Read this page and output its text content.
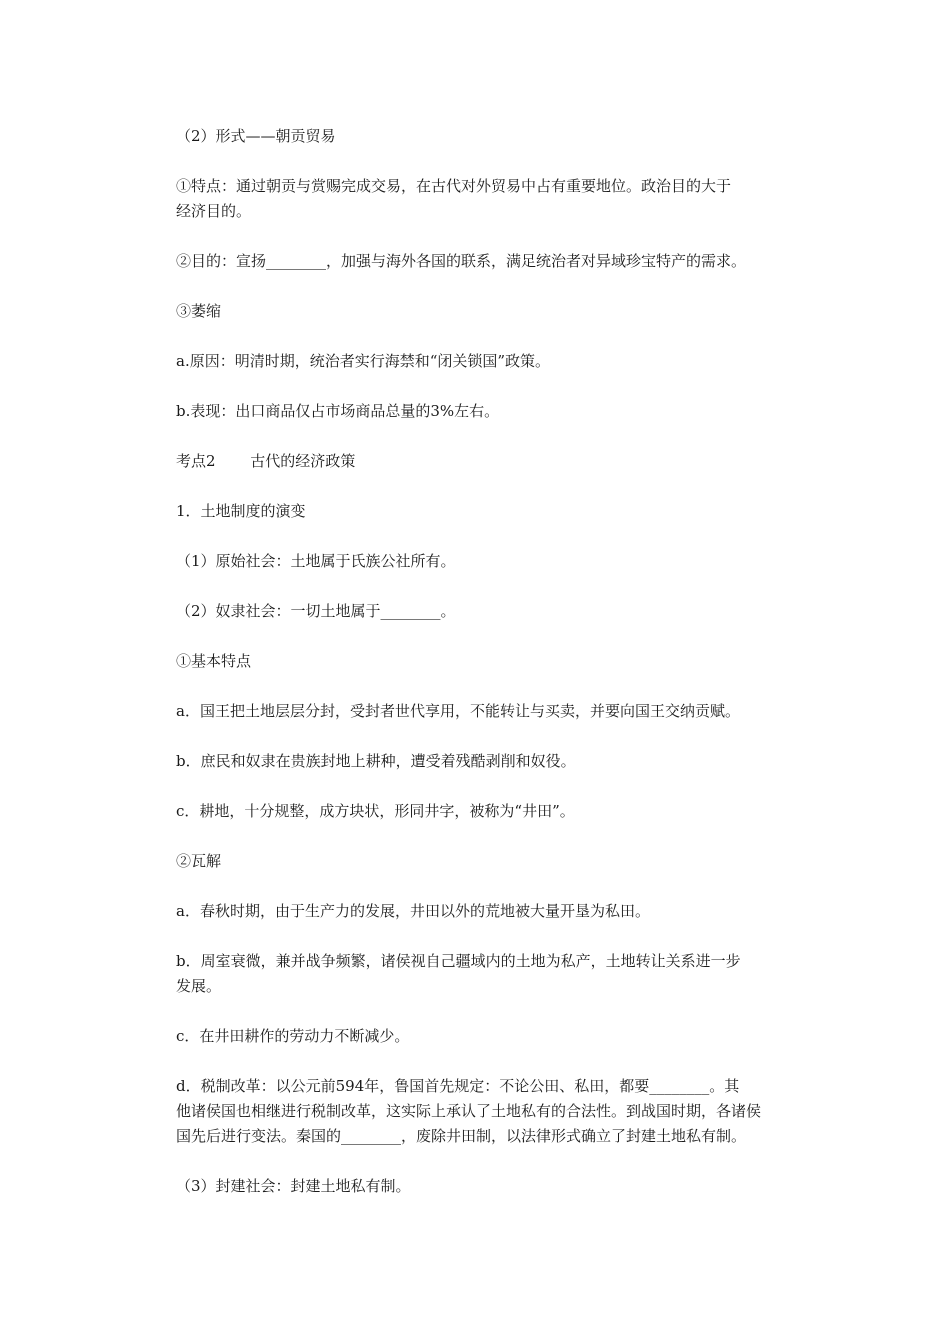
（2）形式——朝贡贸易
①特点：通过朝贡与赏赐完成交易，在古代对外贸易中占有重要地位。政治目的大于
经济目的。
②目的：宣扬________，加强与海外各国的联系，满足统治者对异域珍宝特产的需求。
③萎缩
a.原因：明清时期，统治者实行海禁和“闭关锁国”政策。
b.表现：出口商品仅占市场商品总量的3%左右。
考点2　　 古代的经济政策
1．土地制度的演变
（1）原始社会：土地属于氏族公社所有。
（2）奴隶社会：一切土地属于________。
①基本特点
a．国王把土地层层分封，受封者世代享用，不能转让与买卖，并要向国王交纳贡赋。
b．庶民和奴隶在贵族封地上耕种，遭受着残酷剥削和奴役。
c．耕地，十分规整，成方块状，形同井字，被称为“井田”。
②瓦解
a．春秋时期，由于生产力的发展，井田以外的荒地被大量开垦为私田。
b．周室衰微，兼并战争频繁，诸侯视自己疆域内的土地为私产，土地转让关系进一步
发展。
c．在井田耕作的劳动力不断减少。
d．税制改革：以公元前594年，鲁国首先规定：不论公田、私田，都要________。其
他诸侯国也相继进行税制改革，这实际上承认了土地私有的合法性。到战国时期，各诸侯
国先后进行变法。秦国的________，废除井田制，以法律形式确立了封建土地私有制。
（3）封建社会：封建土地私有制。
